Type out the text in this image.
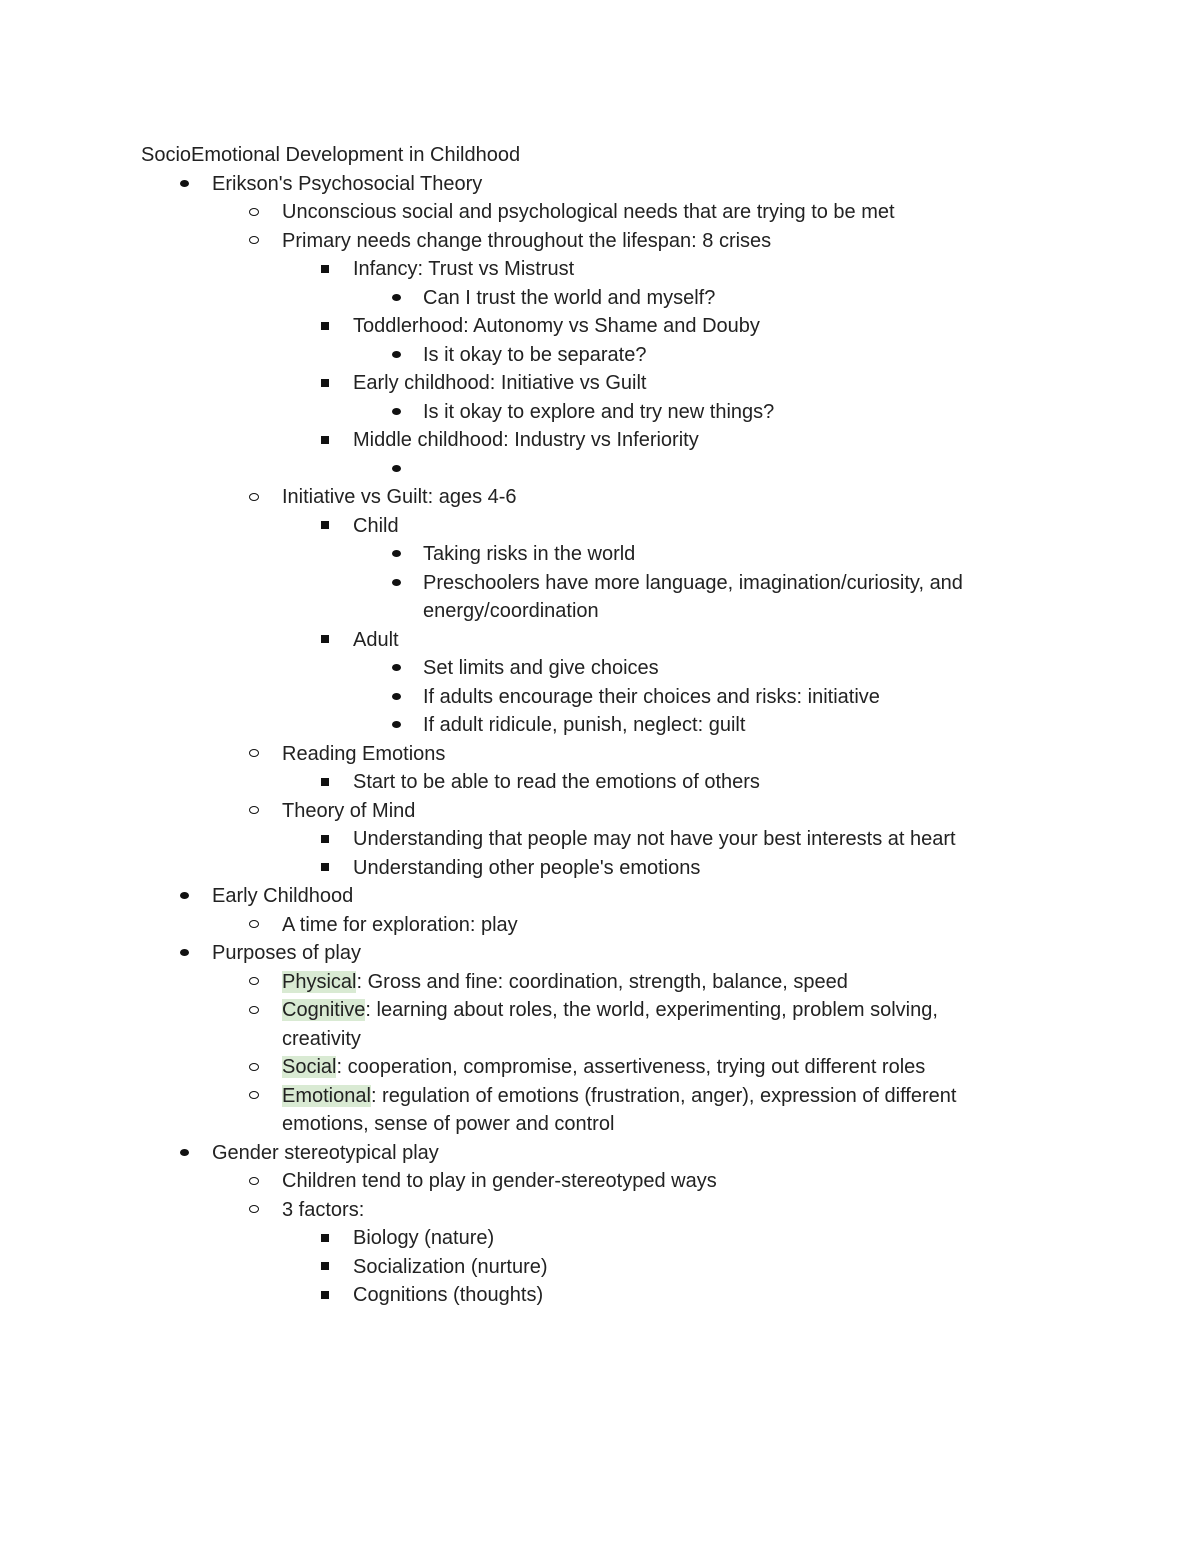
SocioEmotional Development in Childhood
Erikson's Psychosocial Theory
Unconscious social and psychological needs that are trying to be met
Primary needs change throughout the lifespan: 8 crises
Infancy: Trust vs Mistrust
Can I trust the world and myself?
Toddlerhood: Autonomy vs Shame and Douby
Is it okay to be separate?
Early childhood: Initiative vs Guilt
Is it okay to explore and try new things?
Middle childhood: Industry vs Inferiority
Initiative vs Guilt: ages 4-6
Child
Taking risks in the world
Preschoolers have more language, imagination/curiosity, and
energy/coordination
Adult
Set limits and give choices
If adults encourage their choices and risks: initiative
If adult ridicule, punish, neglect: guilt
Reading Emotions
Start to be able to read the emotions of others
Theory of Mind
Understanding that people may not have your best interests at heart
Understanding other people's emotions
Early Childhood
A time for exploration: play
Purposes of play
Physical: Gross and fine: coordination, strength, balance, speed
Cognitive: learning about roles, the world, experimenting, problem solving,
creativity
Social: cooperation, compromise, assertiveness, trying out different roles
Emotional: regulation of emotions (frustration, anger), expression of different
emotions, sense of power and control
Gender stereotypical play
Children tend to play in gender-stereotyped ways
3 factors:
Biology (nature)
Socialization (nurture)
Cognitions (thoughts)
